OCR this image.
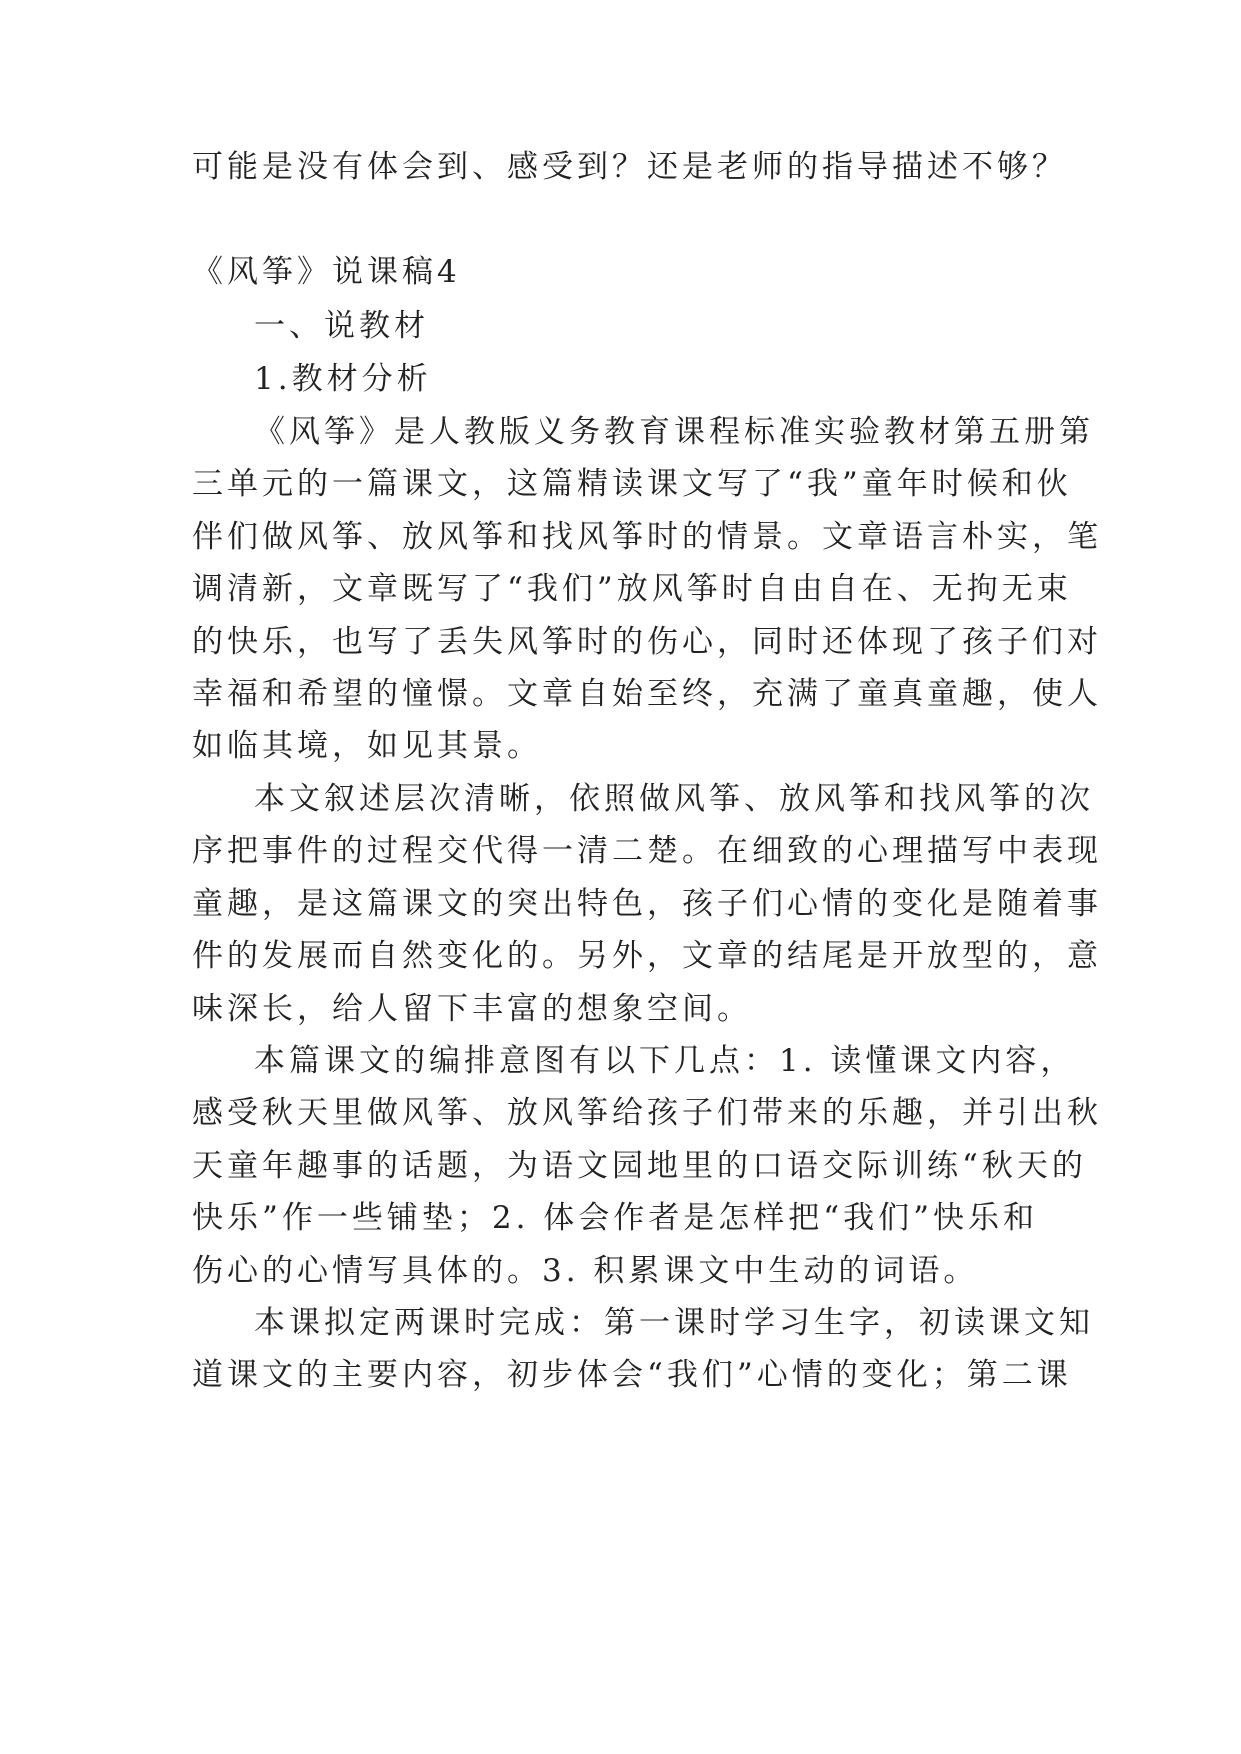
可能是没有体会到、感受到？还是老师的指导描述不够？
《风筝》说课稿4
一、说教材
1.教材分析
《风筝》是人教版义务教育课程标准实验教材第五册第
三单元的一篇课文，这篇精读课文写了“我”童年时候和伙
伴们做风筝、放风筝和找风筝时的情景。文章语言朴实，笔
调清新，文章既写了“我们”放风筝时自由自在、无拘无束
的快乐，也写了丢失风筝时的伤心，同时还体现了孩子们对
幸福和希望的憧憬。文章自始至终，充满了童真童趣，使人
如临其境，如见其景。
本文叙述层次清晰，依照做风筝、放风筝和找风筝的次
序把事件的过程交代得一清二楚。在细致的心理描写中表现
童趣，是这篇课文的突出特色，孩子们心情的变化是随着事
件的发展而自然变化的。另外，文章的结尾是开放型的，意
味深长，给人留下丰富的想象空间。
本篇课文的编排意图有以下几点：1. 读懂课文内容，
感受秋天里做风筝、放风筝给孩子们带来的乐趣，并引出秋
天童年趣事的话题，为语文园地里的口语交际训练“秋天的
快乐”作一些铺垫；2. 体会作者是怎样把“我们”快乐和
伤心的心情写具体的。3. 积累课文中生动的词语。
本课拟定两课时完成：第一课时学习生字，初读课文知
道课文的主要内容，初步体会“我们”心情的变化；第二课
